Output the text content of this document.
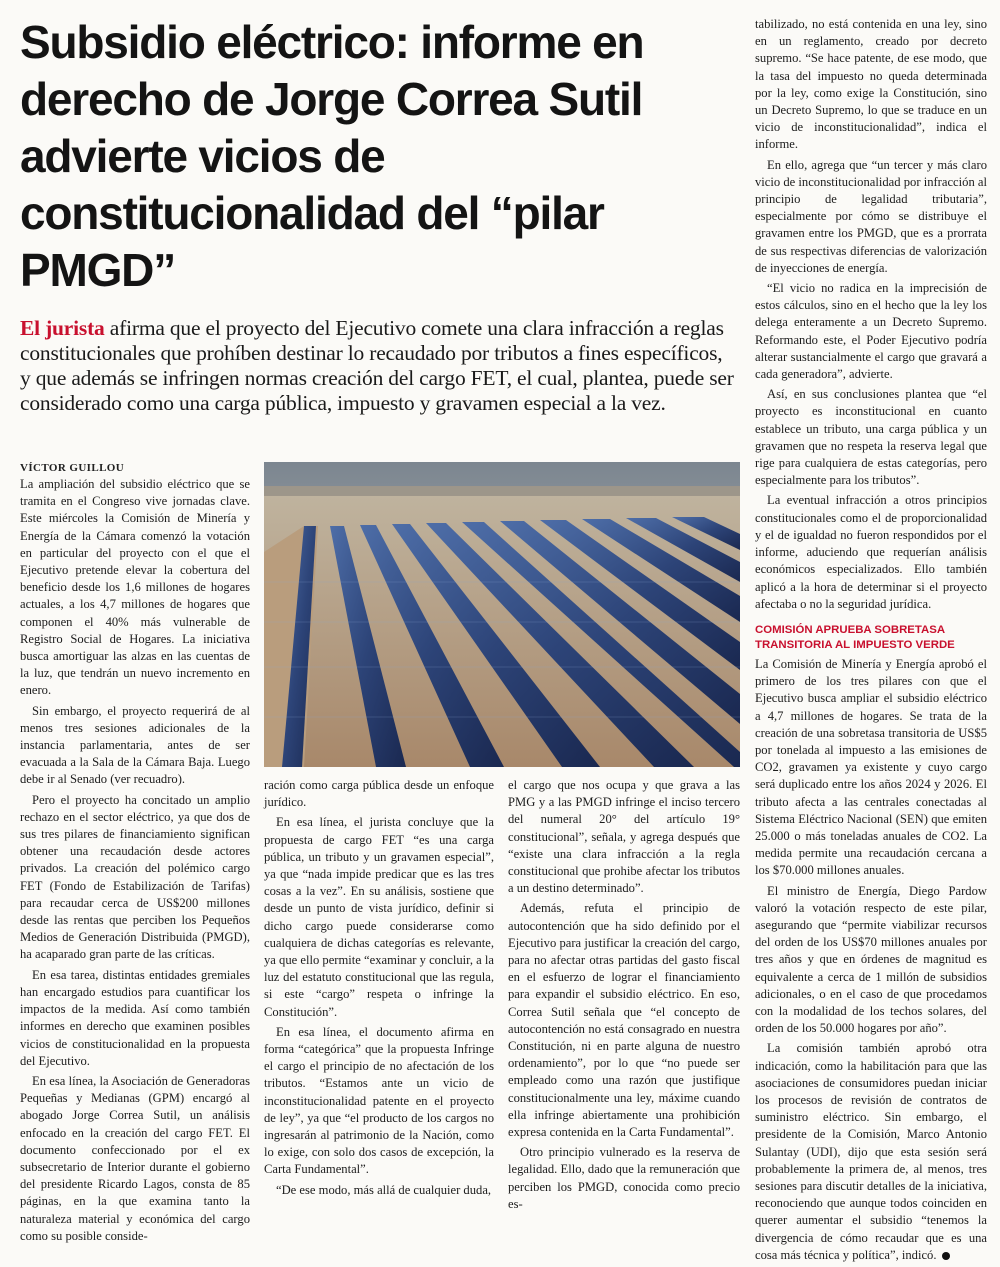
Subsidio eléctrico: informe en derecho de Jorge Correa Sutil advierte vicios de constitucionalidad del “pilar PMGD”

El jurista afirma que el proyecto del Ejecutivo comete una clara infracción a reglas constitucionales que prohíben destinar lo recaudado por tributos a fines específicos, y que además se infringen normas creación del cargo FET, el cual, plantea, puede ser considerado como una carga pública, impuesto y gravamen especial a la vez.

VÍCTOR GUILLOU

La ampliación del subsidio eléctrico que se tramita en el Congreso vive jornadas clave. Este miércoles la Comisión de Minería y Energía de la Cámara comenzó la votación en particular del proyecto con el que el Ejecutivo pretende elevar la cobertura del beneficio desde los 1,6 millones de hogares actuales, a los 4,7 millones de hogares que componen el 40% más vulnerable de Registro Social de Hogares. La iniciativa busca amortiguar las alzas en las cuentas de la luz, que tendrán un nuevo incremento en enero.

Sin embargo, el proyecto requerirá de al menos tres sesiones adicionales de la instancia parlamentaria, antes de ser evacuada a la Sala de la Cámara Baja. Luego debe ir al Senado (ver recuadro).

Pero el proyecto ha concitado un amplio rechazo en el sector eléctrico, ya que dos de sus tres pilares de financiamiento significan obtener una recaudación desde actores privados. La creación del polémico cargo FET (Fondo de Estabilización de Tarifas) para recaudar cerca de US$200 millones desde las rentas que perciben los Pequeños Medios de Generación Distribuida (PMGD), ha acaparado gran parte de las críticas.

En esa tarea, distintas entidades gremiales han encargado estudios para cuantificar los impactos de la medida. Así como también informes en derecho que examinen posibles vicios de constitucionalidad en la propuesta del Ejecutivo.

En esa línea, la Asociación de Generadoras Pequeñas y Medianas (GPM) encargó al abogado Jorge Correa Sutil, un análisis enfocado en la creación del cargo FET. El documento confeccionado por el ex subsecretario de Interior durante el gobierno del presidente Ricardo Lagos, consta de 85 páginas, en la que examina tanto la naturaleza material y económica del cargo como su posible conside-

ración como carga pública desde un enfoque jurídico.

En esa línea, el jurista concluye que la propuesta de cargo FET “es una carga pública, un tributo y un gravamen especial”, ya que “nada impide predicar que es las tres cosas a la vez”. En su análisis, sostiene que desde un punto de vista jurídico, definir si dicho cargo puede considerarse como cualquiera de dichas categorías es relevante, ya que ello permite “examinar y concluir, a la luz del estatuto constitucional que las regula, si este “cargo” respeta o infringe la Constitución”.

En esa línea, el documento afirma en forma “categórica” que la propuesta Infringe el cargo el principio de no afectación de los tributos. “Estamos ante un vicio de inconstitucionalidad patente en el proyecto de ley”, ya que “el producto de los cargos no ingresarán al patrimonio de la Nación, como lo exige, con solo dos casos de excepción, la Carta Fundamental”.

“De ese modo, más allá de cualquier duda,

el cargo que nos ocupa y que grava a las PMG y a las PMGD infringe el inciso tercero del numeral 20° del artículo 19° constitucional”, señala, y agrega después que “existe una clara infracción a la regla constitucional que prohibe afectar los tributos a un destino determinado”.

Además, refuta el principio de autocontención que ha sido definido por el Ejecutivo para justificar la creación del cargo, para no afectar otras partidas del gasto fiscal en el esfuerzo de lograr el financiamiento para expandir el subsidio eléctrico. En eso, Correa Sutil señala que “el concepto de autocontención no está consagrado en nuestra Constitución, ni en parte alguna de nuestro ordenamiento”, por lo que “no puede ser empleado como una razón que justifique constitucionalmente una ley, máxime cuando ella infringe abiertamente una prohibición expresa contenida en la Carta Fundamental”.

Otro principio vulnerado es la reserva de legalidad. Ello, dado que la remuneración que perciben los PMGD, conocida como precio es-

tabilizado, no está contenida en una ley, sino en un reglamento, creado por decreto supremo. “Se hace patente, de ese modo, que la tasa del impuesto no queda determinada por la ley, como exige la Constitución, sino un Decreto Supremo, lo que se traduce en un vicio de inconstitucionalidad”, indica el informe.

En ello, agrega que “un tercer y más claro vicio de inconstitucionalidad por infracción al principio de legalidad tributaria”, especialmente por cómo se distribuye el gravamen entre los PMGD, que es a prorrata de sus respectivas diferencias de valorización de inyecciones de energía.

“El vicio no radica en la imprecisión de estos cálculos, sino en el hecho que la ley los delega enteramente a un Decreto Supremo. Reformando este, el Poder Ejecutivo podría alterar sustancialmente el cargo que gravará a cada generadora”, advierte.

Así, en sus conclusiones plantea que “el proyecto es inconstitucional en cuanto establece un tributo, una carga pública y un gravamen que no respeta la reserva legal que rige para cualquiera de estas categorías, pero especialmente para los tributos”.

La eventual infracción a otros principios constitucionales como el de proporcionalidad y el de igualdad no fueron respondidos por el informe, aduciendo que requerían análisis económicos especializados. Ello también aplicó a la hora de determinar si el proyecto afectaba o no la seguridad jurídica.

COMISIÓN APRUEBA SOBRETASA TRANSITORIA AL IMPUESTO VERDE

La Comisión de Minería y Energía aprobó el primero de los tres pilares con que el Ejecutivo busca ampliar el subsidio eléctrico a 4,7 millones de hogares. Se trata de la creación de una sobretasa transitoria de US$5 por tonelada al impuesto a las emisiones de CO2, gravamen ya existente y cuyo cargo será duplicado entre los años 2024 y 2026. El tributo afecta a las centrales conectadas al Sistema Eléctrico Nacional (SEN) que emiten 25.000 o más toneladas anuales de CO2. La medida permite una recaudación cercana a los $70.000 millones anuales.

El ministro de Energía, Diego Pardow valoró la votación respecto de este pilar, asegurando que “permite viabilizar recursos del orden de los US$70 millones anuales por tres años y que en órdenes de magnitud es equivalente a cerca de 1 millón de subsidios adicionales, o en el caso de que procedamos con la modalidad de los techos solares, del orden de los 50.000 hogares por año”.

La comisión también aprobó otra indicación, como la habilitación para que las asociaciones de consumidores puedan iniciar los procesos de revisión de contratos de suministro eléctrico. Sin embargo, el presidente de la Comisión, Marco Antonio Sulantay (UDI), dijo que esta sesión será probablemente la primera de, al menos, tres sesiones para discutir detalles de la iniciativa, reconociendo que aunque todos coinciden en querer aumentar el subsidio “tenemos la divergencia de cómo recaudar que es una cosa más técnica y política”, indicó.
